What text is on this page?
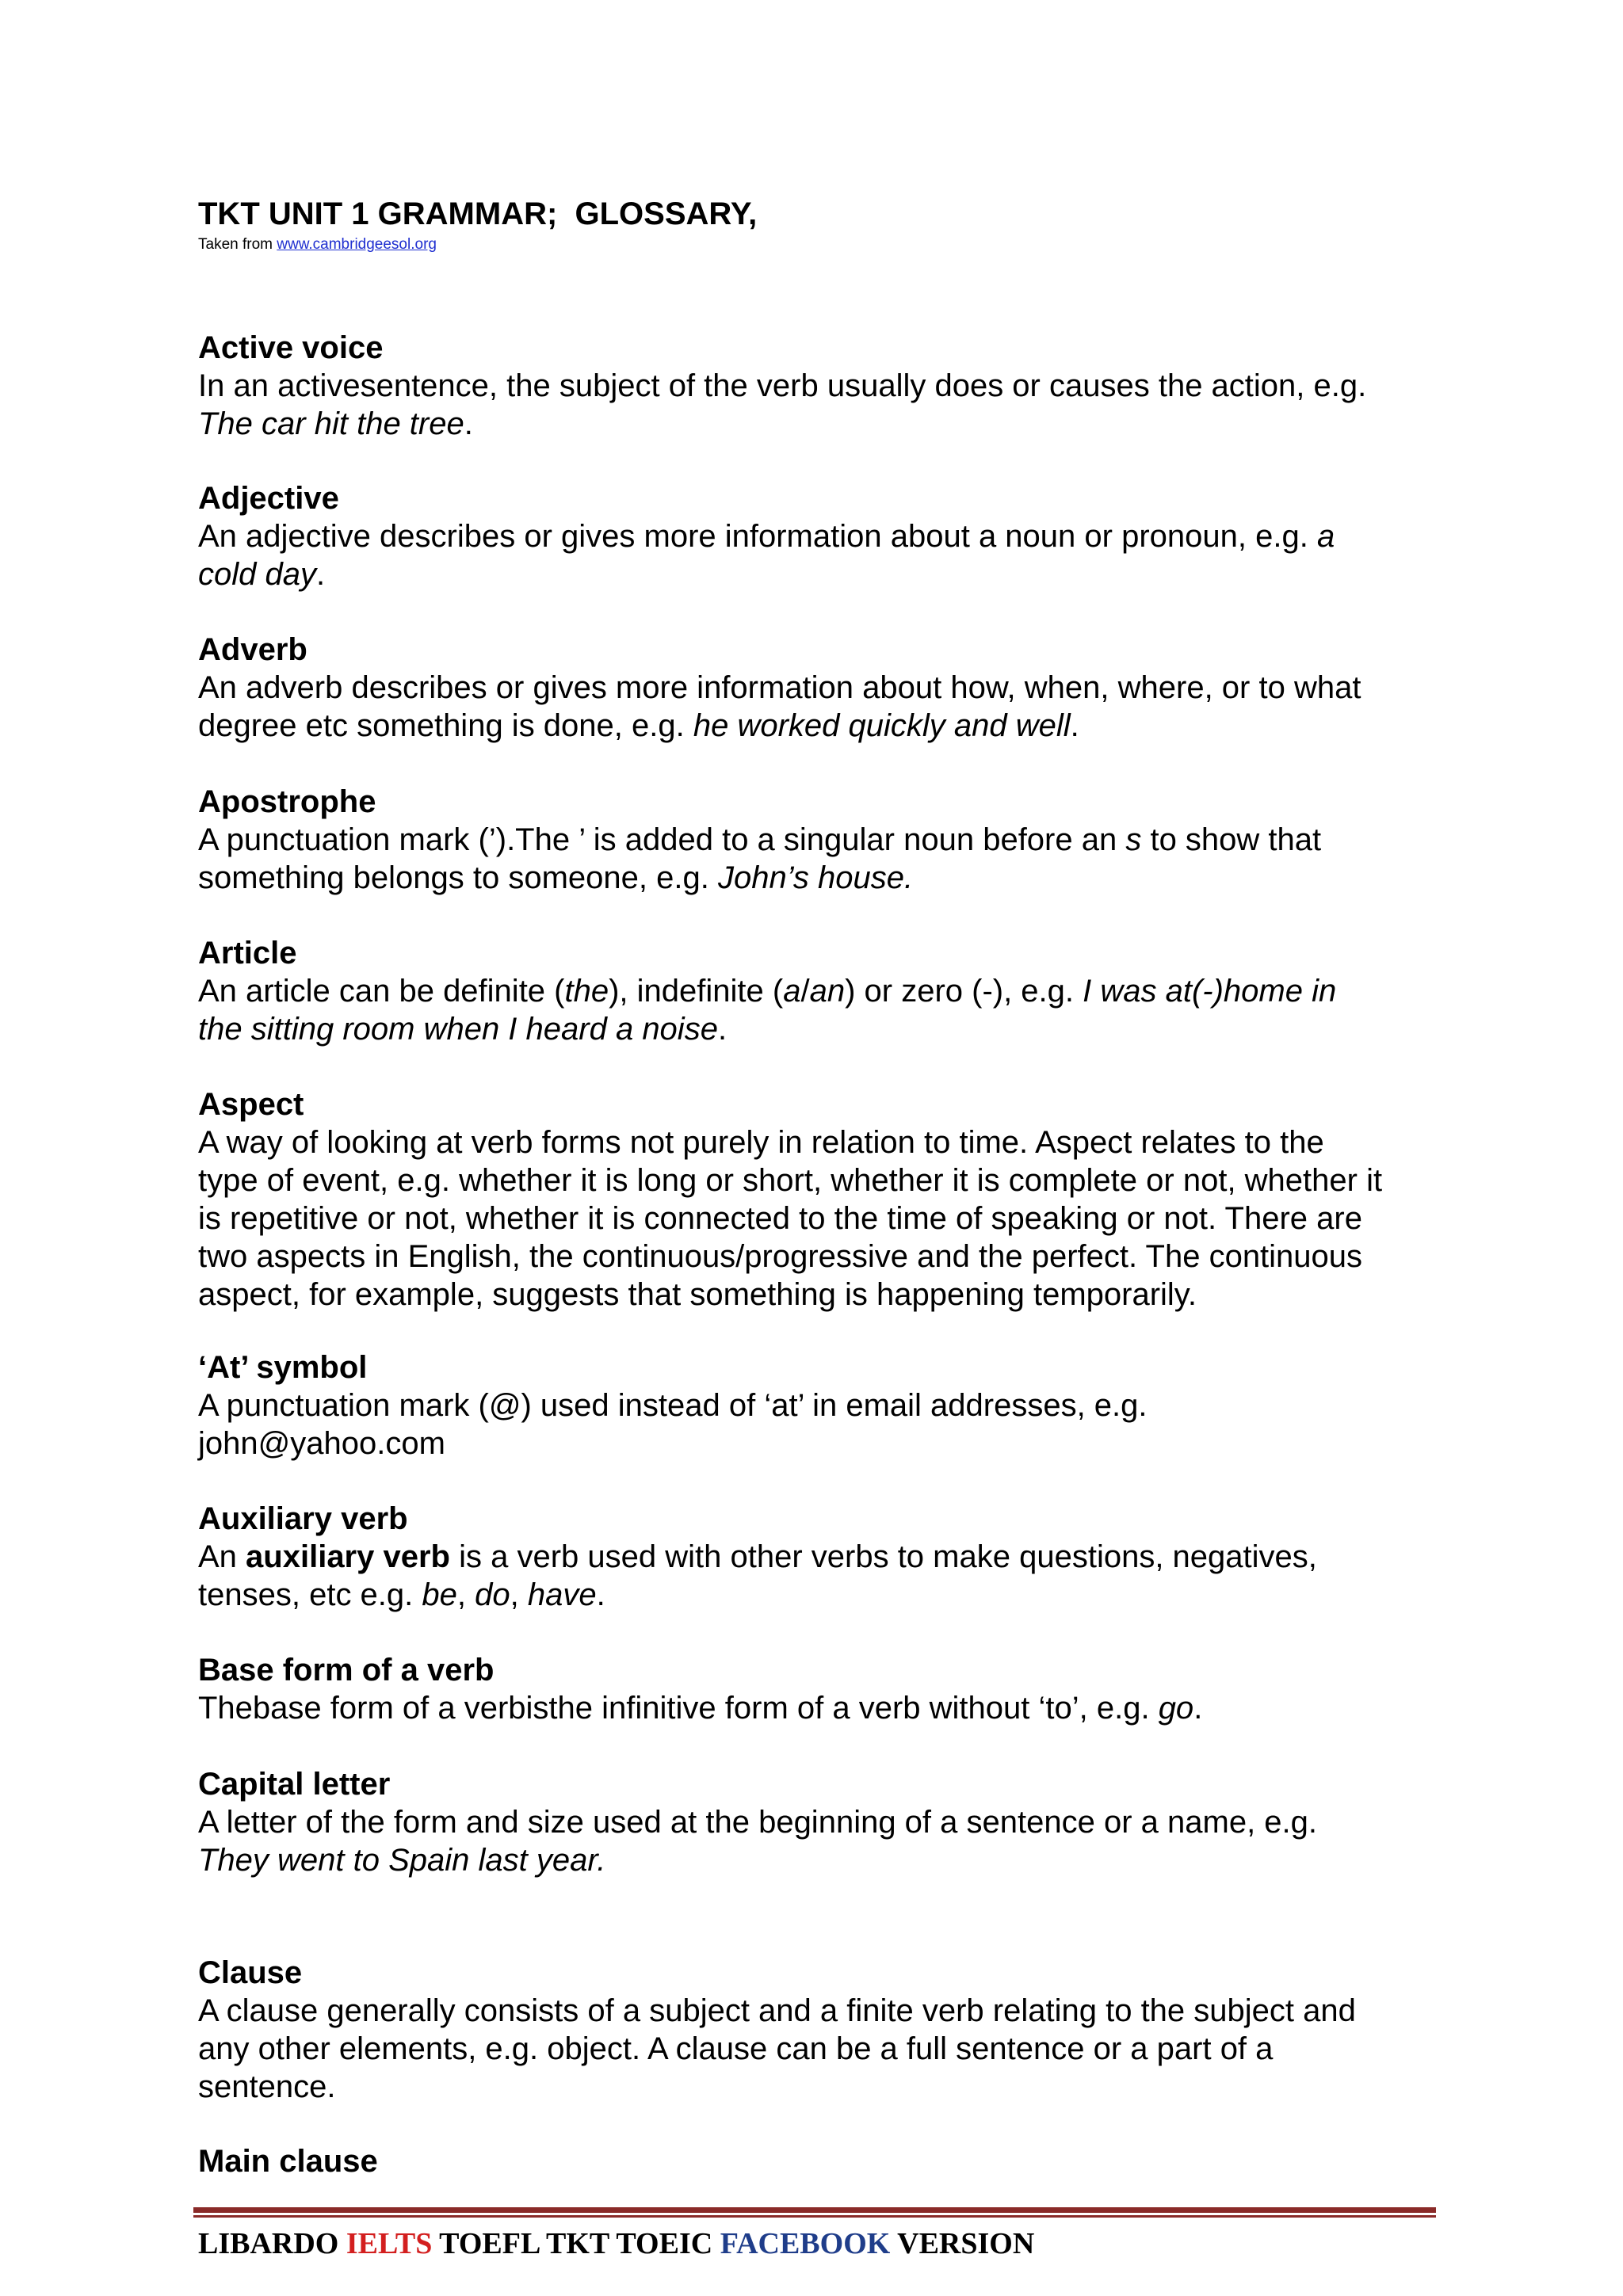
TKT UNIT 1 GRAMMAR;  GLOSSARY,
Taken from www.cambridgeesol.org
Active voice
In an activesentence, the subject of the verb usually does or causes the action, e.g.
The car hit the tree.
Adjective
An adjective describes or gives more information about a noun or pronoun, e.g. a
cold day.
Adverb
An adverb describes or gives more information about how, when, where, or to what
degree etc something is done, e.g. he worked quickly and well.
Apostrophe
A punctuation mark (’).The ’ is added to a singular noun before an s to show that
something belongs to someone, e.g. John’s house.
Article
An article can be definite (the), indefinite (a/an) or zero (-), e.g. I was at(-)home in
the sitting room when I heard a noise.
Aspect
A way of looking at verb forms not purely in relation to time. Aspect relates to the
type of event, e.g. whether it is long or short, whether it is complete or not, whether it
is repetitive or not, whether it is connected to the time of speaking or not. There are
two aspects in English, the continuous/progressive and the perfect. The continuous
aspect, for example, suggests that something is happening temporarily.
‘At’ symbol
A punctuation mark (@) used instead of ‘at’ in email addresses, e.g.
john@yahoo.com
Auxiliary verb
An auxiliary verb is a verb used with other verbs to make questions, negatives,
tenses, etc e.g. be, do, have.
Base form of a verb
Thebase form of a verbisthe infinitive form of a verb without ‘to’, e.g. go.
Capital letter
A letter of the form and size used at the beginning of a sentence or a name, e.g.
They went to Spain last year.
Clause
A clause generally consists of a subject and a finite verb relating to the subject and
any other elements, e.g. object. A clause can be a full sentence or a part of a
sentence.
Main clause
LIBARDO IELTS TOEFL TKT TOEIC FACEBOOK VERSION
